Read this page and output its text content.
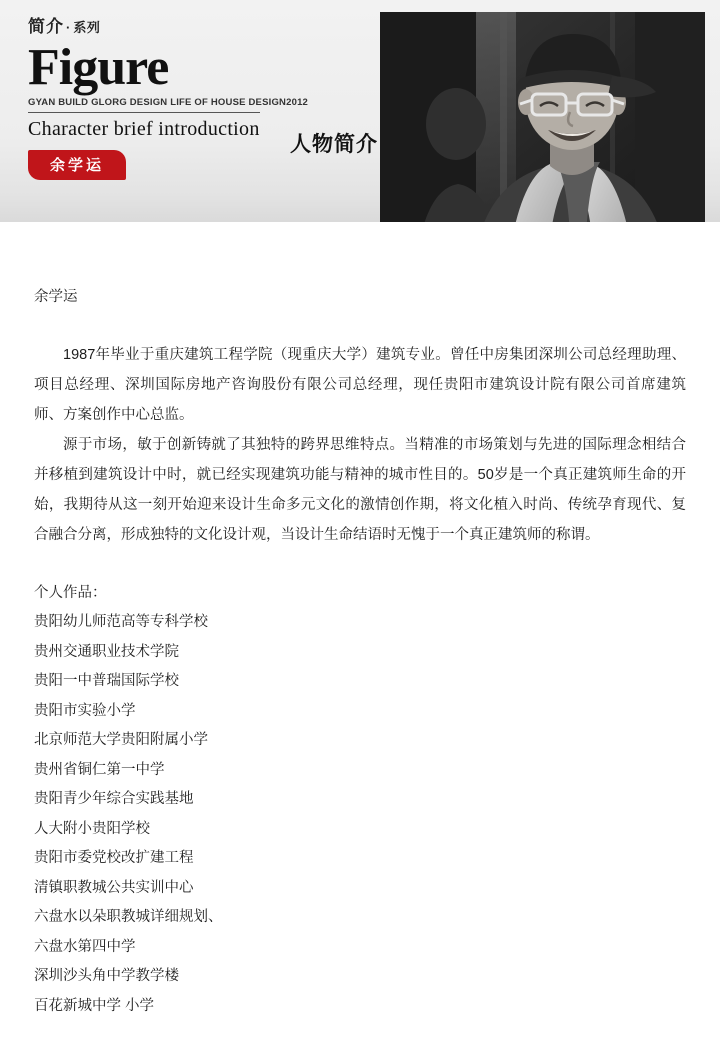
简介 · 系列
Figure
GYAN BUILD GLORG DESIGN LIFE OF HOUSE DESIGN2012
Character brief introduction
余学运
人物简介
余学运

1987年毕业于重庆建筑工程学院（现重庆大学）建筑专业。曾任中房集团深圳公司总经理助理、项目总经理、深圳国际房地产咨询股份有限公司总经理，现任贵阳市建筑设计院有限公司首席建筑师、方案创作中心总监。

源于市场，敏于创新铸就了其独特的跨界思维特点。当精准的市场策划与先进的国际理念相结合并移植到建筑设计中时，就已经实现建筑功能与精神的城市性目的。50岁是一个真正建筑师生命的开始，我期待从这一刻开始迎来设计生命多元文化的激情创作期，将文化植入时尚、传统孕育现代、复合融合分离，形成独特的文化设计观，当设计生命结语时无愧于一个真正建筑师的称谓。

个人作品：
贵阳幼儿师范高等专科学校
贵州交通职业技术学院
贵阳一中普瑞国际学校
贵阳市实验小学
北京师范大学贵阳附属小学
贵州省铜仁第一中学
贵阳青少年综合实践基地
人大附小贵阳学校
贵阳市委党校改扩建工程
清镇职教城公共实训中心
六盘水以朵职教城详细规划、
六盘水第四中学
深圳沙头角中学教学楼
百花新城中学 小学
